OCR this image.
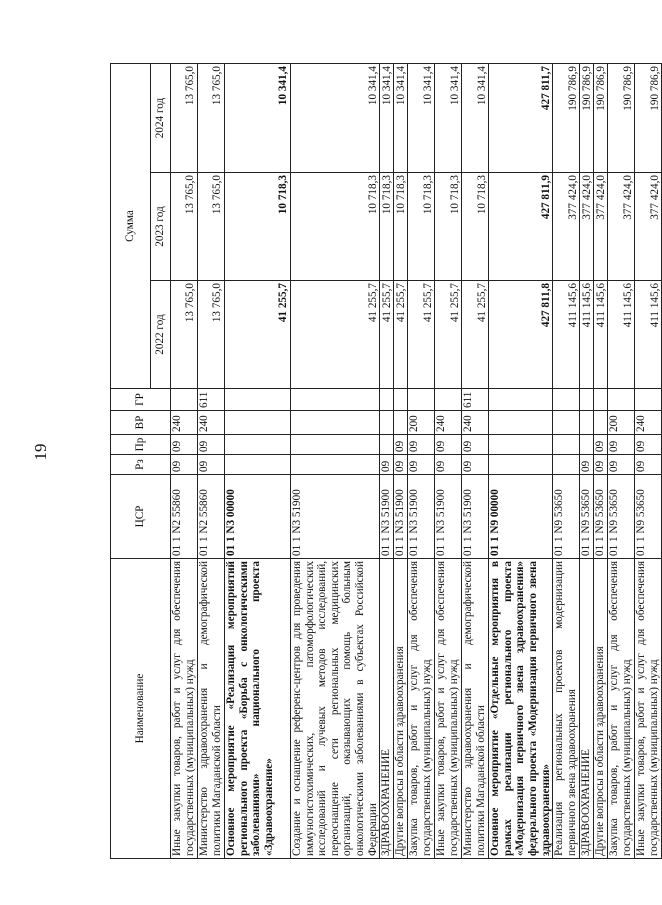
19
Наименование	ЦСР	Рз	Пр	ВР	ГР	Сумма		
						2022 год	2023 год	2024 год
Иные закупки товаров, работ и услуг для обеспечения государственных (муниципальных) нужд	01 1 N2 55860	09	09	240		13 765,0	13 765,0	13 765,0
Министерство здравоохранения и демографической политики Магаданской области	01 1 N2 55860	09	09	240	611	13 765,0	13 765,0	13 765,0
Основное мероприятие «Реализация мероприятий регионального проекта «Борьба с онкологическими заболеваниями» национального проекта «Здравоохранение»	01 1 N3 00000					41 255,7	10 718,3	10 341,4
Создание и оснащение референс-центров для проведения иммуногистохимических, патоморфологических исследований и лучевых методов исследований, переоснащение сети региональных медицинских организаций, оказывающих помощь больным онкологическими заболеваниями в субъектах Российской Федерации	01 1 N3 51900					41 255,7	10 718,3	10 341,4
ЗДРАВООХРАНЕНИЕ	01 1 N3 51900	09				41 255,7	10 718,3	10 341,4
Другие вопросы в области здравоохранения	01 1 N3 51900	09	09			41 255,7	10 718,3	10 341,4
Закупка товаров, работ и услуг для обеспечения государственных (муниципальных) нужд	01 1 N3 51900	09	09	200		41 255,7	10 718,3	10 341,4
Иные закупки товаров, работ и услуг для обеспечения государственных (муниципальных) нужд	01 1 N3 51900	09	09	240		41 255,7	10 718,3	10 341,4
Министерство здравоохранения и демографической политики Магаданской области	01 1 N3 51900	09	09	240	611	41 255,7	10 718,3	10 341,4
Основное мероприятие «Отдельные мероприятия в рамках реализации регионального проекта «Модернизация первичного звена здравоохранения» федерального проекта «Модернизация первичного звена здравоохранения»	01 1 N9 00000					427 811,8	427 811,9	427 811,7
Реализация региональных проектов модернизации первичного звена здравоохранения	01 1 N9 53650					411 145,6	377 424,0	190 786,9
ЗДРАВООХРАНЕНИЕ	01 1 N9 53650	09				411 145,6	377 424,0	190 786,9
Другие вопросы в области здравоохранения	01 1 N9 53650	09	09			411 145,6	377 424,0	190 786,9
Закупка товаров, работ и услуг для обеспечения государственных (муниципальных) нужд	01 1 N9 53650	09	09	200		411 145,6	377 424,0	190 786,9
Иные закупки товаров, работ и услуг для обеспечения государственных (муниципальных) нужд	01 1 N9 53650	09	09	240		411 145,6	377 424,0	190 786,9
